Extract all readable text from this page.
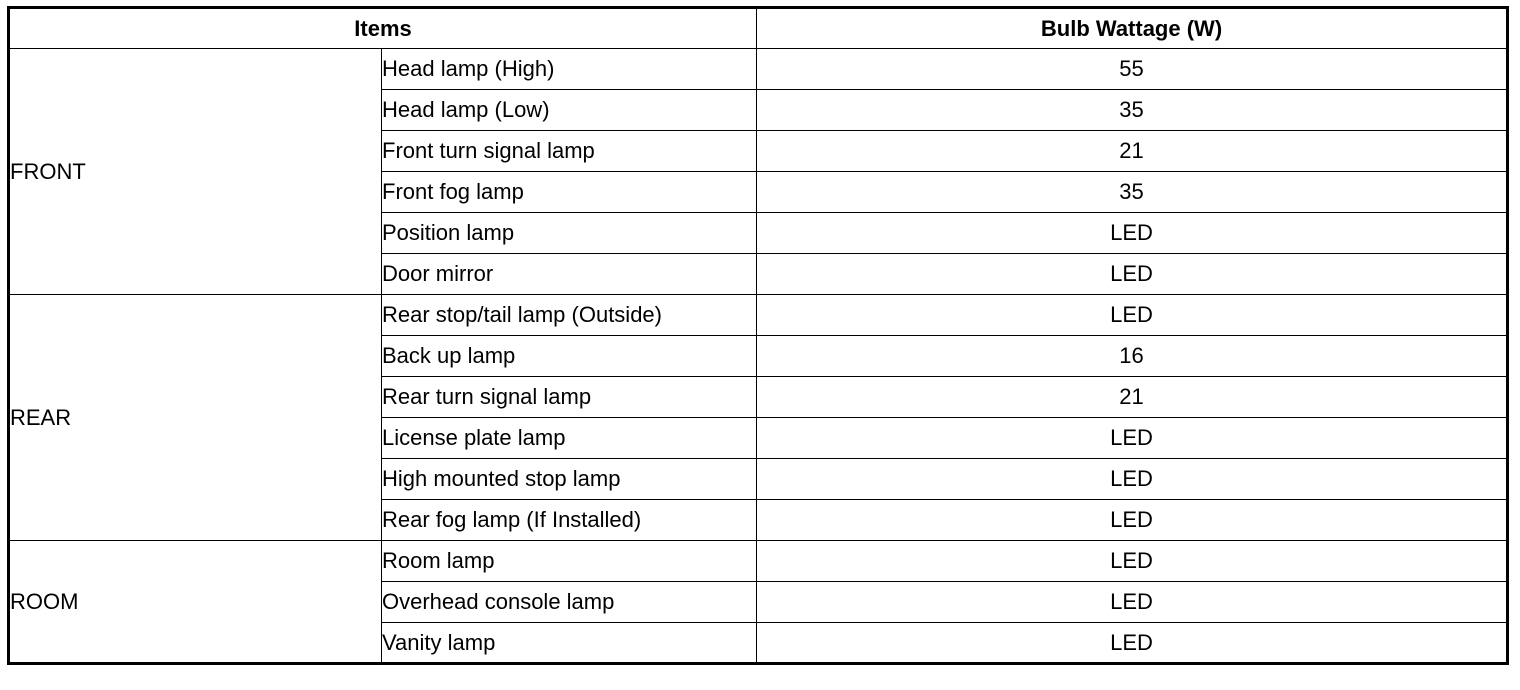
Items		Bulb Wattage (W)
FRONT	Head lamp (High)	55
	Head lamp (Low)	35
	Front turn signal lamp	21
	Front fog lamp	35
	Position lamp	LED
	Door mirror	LED
REAR	Rear stop/tail lamp (Outside)	LED
	Back up lamp	16
	Rear turn signal lamp	21
	License plate lamp	LED
	High mounted stop lamp	LED
	Rear fog lamp (If Installed)	LED
ROOM	Room lamp	LED
	Overhead console lamp	LED
	Vanity lamp	LED
